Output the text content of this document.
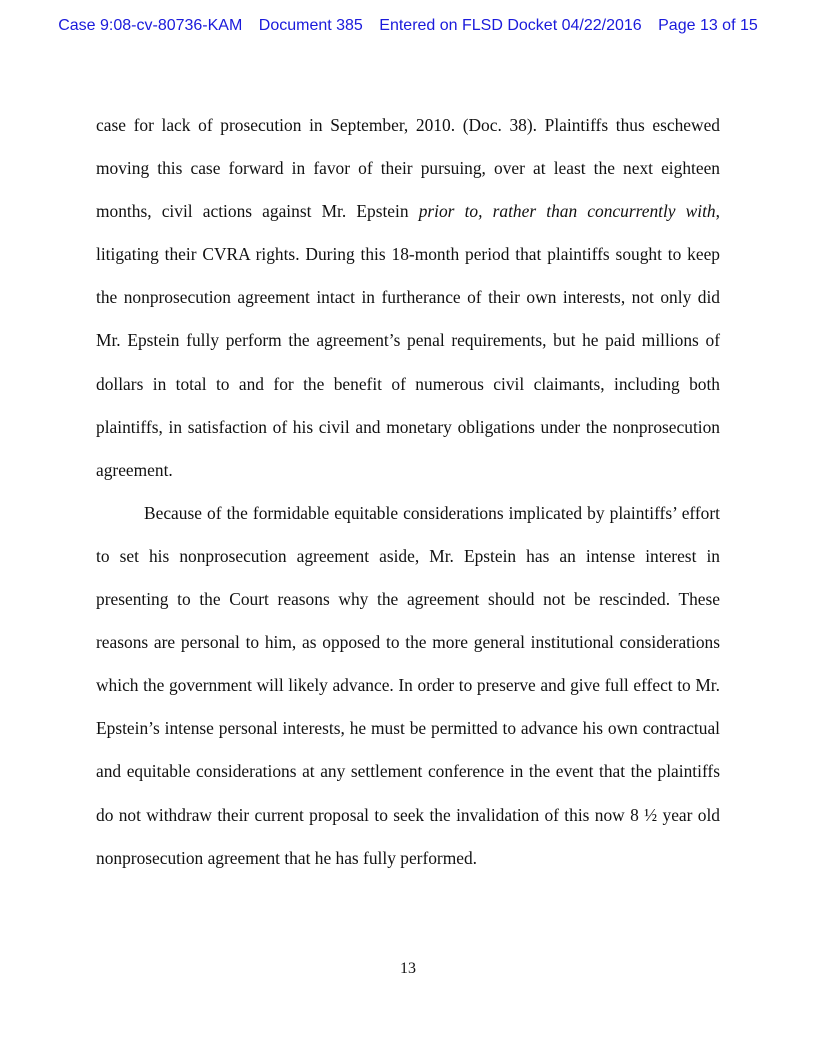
Case 9:08-cv-80736-KAM Document 385 Entered on FLSD Docket 04/22/2016 Page 13 of 15

case for lack of prosecution in September, 2010. (Doc. 38). Plaintiffs thus eschewed moving this case forward in favor of their pursuing, over at least the next eighteen months, civil actions against Mr. Epstein prior to, rather than concurrently with, litigating their CVRA rights. During this 18-month period that plaintiffs sought to keep the nonprosecution agreement intact in furtherance of their own interests, not only did Mr. Epstein fully perform the agreement’s penal requirements, but he paid millions of dollars in total to and for the benefit of numerous civil claimants, including both plaintiffs, in satisfaction of his civil and monetary obligations under the nonprosecution agreement.

Because of the formidable equitable considerations implicated by plaintiffs’ effort to set his nonprosecution agreement aside, Mr. Epstein has an intense interest in presenting to the Court reasons why the agreement should not be rescinded. These reasons are personal to him, as opposed to the more general institutional considerations which the government will likely advance. In order to preserve and give full effect to Mr. Epstein’s intense personal interests, he must be permitted to advance his own contractual and equitable considerations at any settlement conference in the event that the plaintiffs do not withdraw their current proposal to seek the invalidation of this now 8 ½ year old nonprosecution agreement that he has fully performed.

13
